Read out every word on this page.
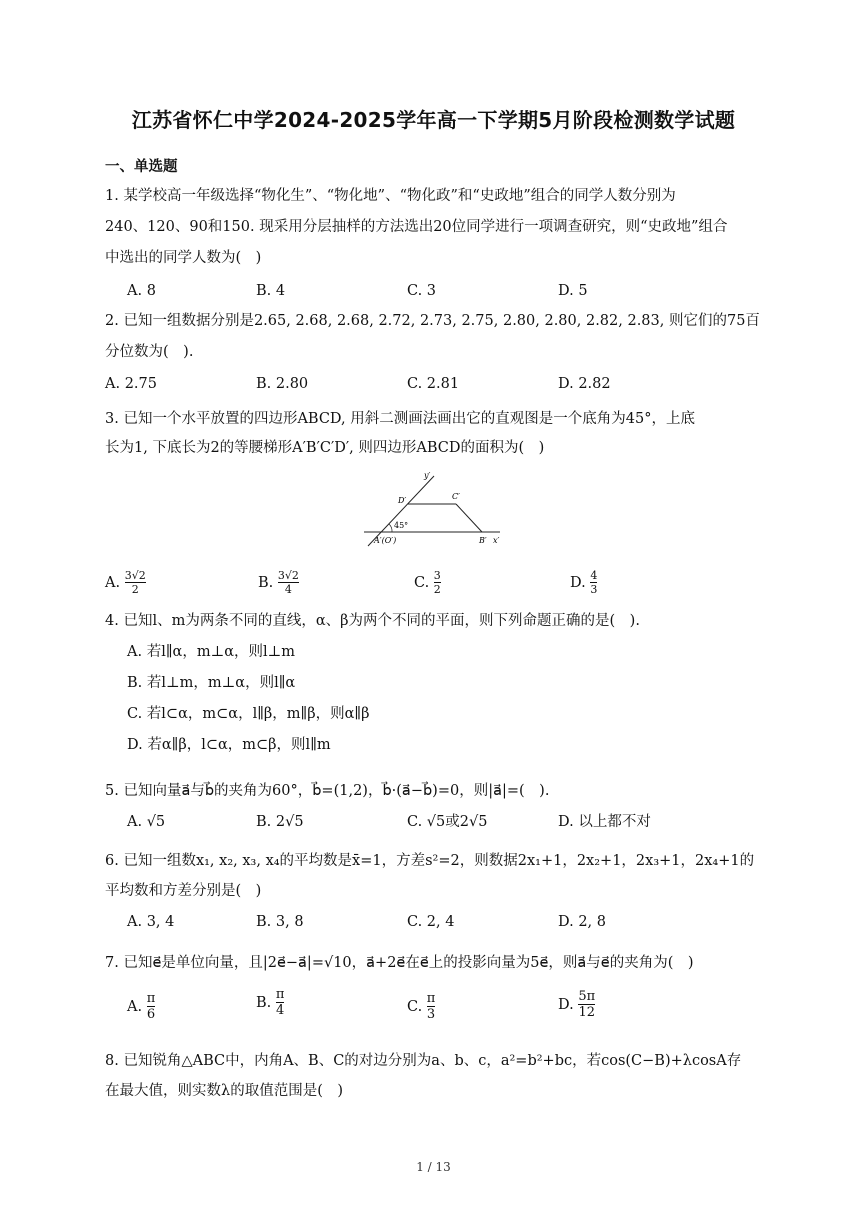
江苏省怀仁中学2024-2025学年高一下学期5月阶段检测数学试题
一、单选题
1. 某学校高一年级选择“物化生”、“物化地”、“物化政”和“史政地”组合的同学人数分别为
240、120、90和150. 现采用分层抽样的方法选出20位同学进行一项调查研究，则“史政地”组合
中选出的同学人数为(　)
A. 8	B. 4	C. 3	D. 5
2. 已知一组数据分别是2.65, 2.68, 2.68, 2.72, 2.73, 2.75, 2.80, 2.80, 2.82, 2.83, 则它们的75百
分位数为(　).
A. 2.75	B. 2.80	C. 2.81	D. 2.82
3. 已知一个水平放置的四边形ABCD, 用斜二测画法画出它的直观图是一个底角为45°，上底
长为1, 下底长为2的等腰梯形A′B′C′D′, 则四边形ABCD的面积为(　)
y′
D′	C′
45°
A′(O′)	B′ x′
A. $\frac{3√2}{2}$	B. $\frac{3√2}{4}$	C. $\frac{3}{2}$	D. $\frac{4}{3}$
4. 已知l、m为两条不同的直线，α、β为两个不同的平面，则下列命题正确的是(　).
A. 若l∥α，m⊥α，则l⊥m
B. 若l⊥m，m⊥α，则l∥α
C. 若l⊂α，m⊂α，l∥β，m∥β，则α∥β
D. 若α∥β，l⊂α，m⊂β，则l∥m
5. 已知向量a⃗与b⃗的夹角为60°，b⃗=(1,2)，b⃗·(a⃗−b⃗)=0，则|a⃗|=(　).
A. √5	B. 2√5	C. √5或2√5	D. 以上都不对
6. 已知一组数x₁, x₂, x₃, x₄的平均数是x̄=1，方差s²=2，则数据2x₁+1，2x₂+1，2x₃+1，2x₄+1的
平均数和方差分别是(　)
A. 3, 4	B. 3, 8	C. 2, 4	D. 2, 8
7. 已知e⃗是单位向量，且|2e⃗−a⃗|=√10，a⃗+2e⃗在e⃗上的投影向量为5e⃗，则a⃗与e⃗的夹角为(　)
A. $\frac{\pi}{6}$	B. $\frac{\pi}{4}$	C. $\frac{\pi}{3}$	D. $\frac{5\pi}{12}$
8. 已知锐角△ABC中，内角A、B、C的对边分别为a、b、c，a²=b²+bc，若cos(C−B)+λcosA存
在最大值，则实数λ的取值范围是(　)
1 / 13
